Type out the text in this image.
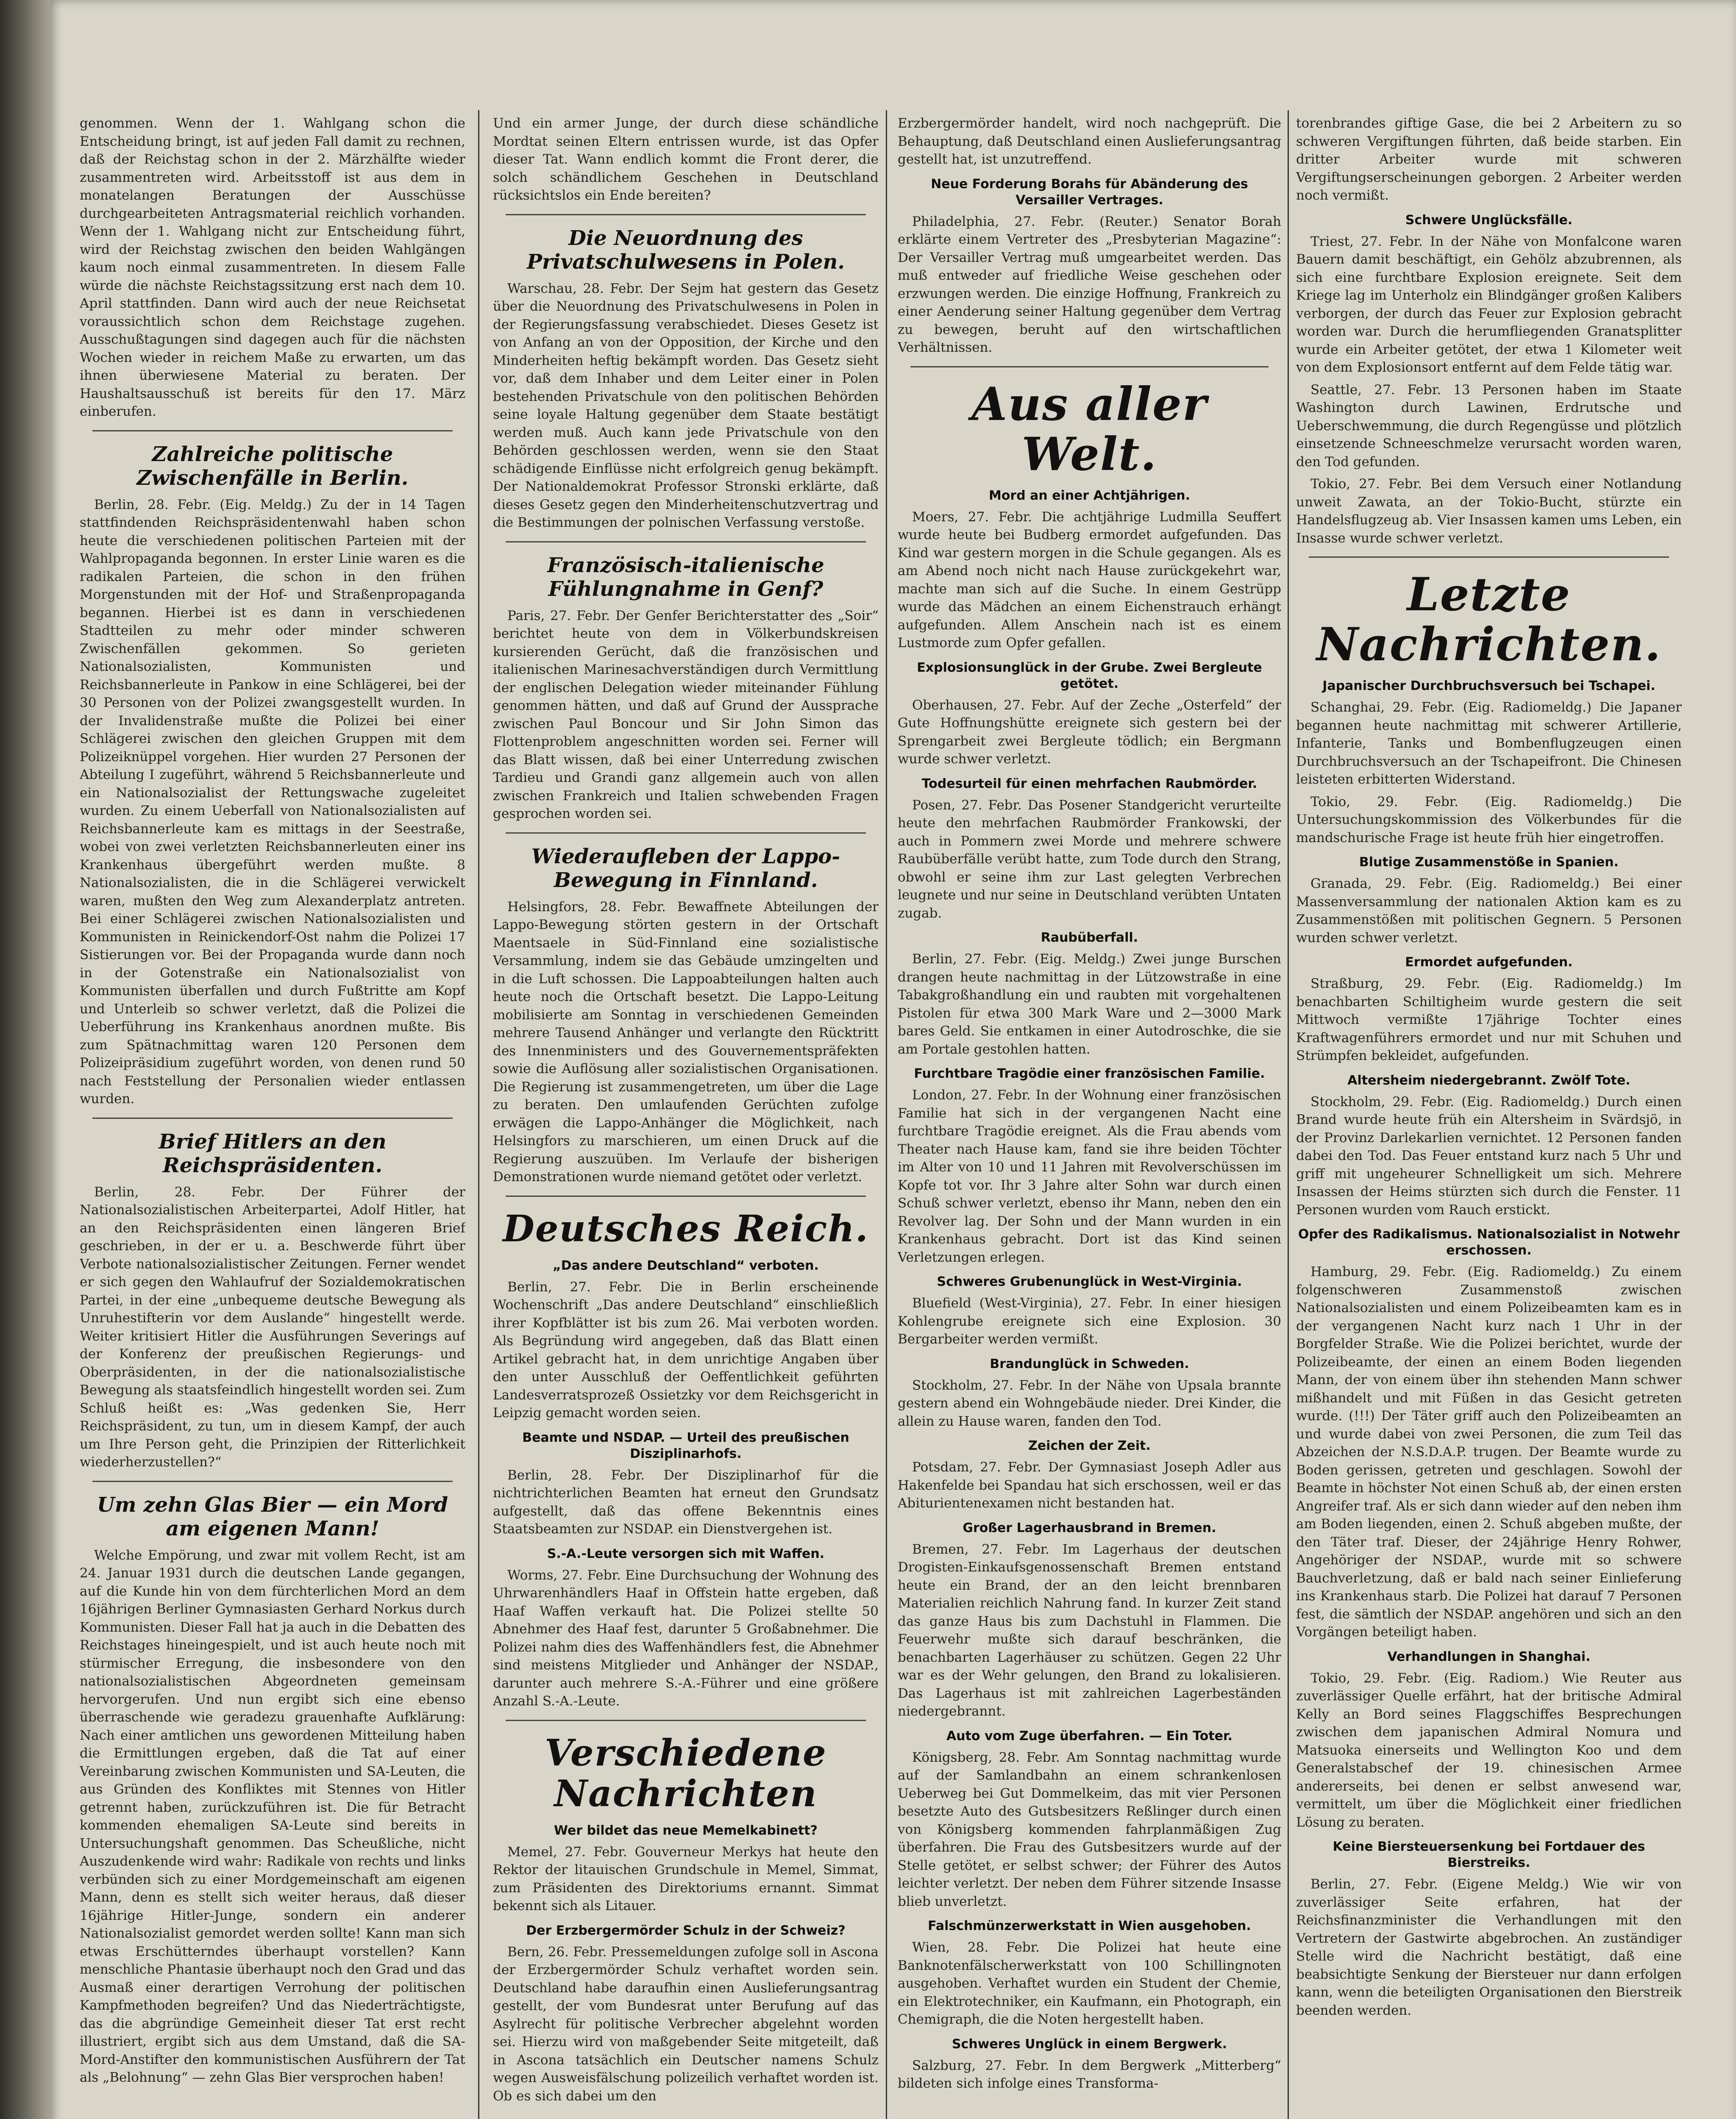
genommen. Wenn der 1. Wahlgang schon die Entscheidung bringt, ist auf jeden Fall damit zu rechnen, daß der Reichstag schon in der 2. Märzhälfte wieder zusammentreten wird. Arbeitsstoff ist aus dem in monatelangen Beratungen der Ausschüsse durchgearbeiteten Antragsmaterial reichlich vorhanden. Wenn der 1. Wahlgang nicht zur Entscheidung führt, wird der Reichstag zwischen den beiden Wahlgängen kaum noch einmal zusammentreten. In diesem Falle würde die nächste Reichstagssitzung erst nach dem 10. April stattfinden. Dann wird auch der neue Reichsetat voraussichtlich schon dem Reichstage zugehen. Ausschußtagungen sind dagegen auch für die nächsten Wochen wieder in reichem Maße zu erwarten, um das ihnen überwiesene Material zu beraten. Der Haushaltsausschuß ist bereits für den 17. März einberufen.

Zahlreiche politische Zwischenfälle in Berlin.

Berlin, 28. Febr. (Eig. Meldg.) Zu der in 14 Tagen stattfindenden Reichspräsidentenwahl haben schon heute die verschiedenen politischen Parteien mit der Wahlpropaganda begonnen. In erster Linie waren es die radikalen Parteien, die schon in den frühen Morgenstunden mit der Hof- und Straßenpropaganda begannen. Hierbei ist es dann in verschiedenen Stadtteilen zu mehr oder minder schweren Zwischenfällen gekommen. So gerieten Nationalsozialisten, Kommunisten und Reichsbannerleute in Pankow in eine Schlägerei, bei der 30 Personen von der Polizei zwangsgestellt wurden. In der Invalidenstraße mußte die Polizei bei einer Schlägerei zwischen den gleichen Gruppen mit dem Polizeiknüppel vorgehen. Hier wurden 27 Personen der Abteilung I zugeführt, während 5 Reichsbannerleute und ein Nationalsozialist der Rettungswache zugeleitet wurden. Zu einem Ueberfall von Nationalsozialisten auf Reichsbannerleute kam es mittags in der Seestraße, wobei von zwei verletzten Reichsbannerleuten einer ins Krankenhaus übergeführt werden mußte. 8 Nationalsozialisten, die in die Schlägerei verwickelt waren, mußten den Weg zum Alexanderplatz antreten. Bei einer Schlägerei zwischen Nationalsozialisten und Kommunisten in Reinickendorf-Ost nahm die Polizei 17 Sistierungen vor. Bei der Propaganda wurde dann noch in der Gotenstraße ein Nationalsozialist von Kommunisten überfallen und durch Fußtritte am Kopf und Unterleib so schwer verletzt, daß die Polizei die Ueberführung ins Krankenhaus anordnen mußte. Bis zum Spätnachmittag waren 120 Personen dem Polizeipräsidium zugeführt worden, von denen rund 50 nach Feststellung der Personalien wieder entlassen wurden.

Brief Hitlers an den Reichspräsidenten.

Berlin, 28. Febr. Der Führer der Nationalsozialistischen Arbeiterpartei, Adolf Hitler, hat an den Reichspräsidenten einen längeren Brief geschrieben, in der er u. a. Beschwerde führt über Verbote nationalsozialistischer Zeitungen. Ferner wendet er sich gegen den Wahlaufruf der Sozialdemokratischen Partei, in der eine „unbequeme deutsche Bewegung als Unruhestifterin vor dem Auslande“ hingestellt werde. Weiter kritisiert Hitler die Ausführungen Severings auf der Konferenz der preußischen Regierungs- und Oberpräsidenten, in der die nationalsozialistische Bewegung als staatsfeindlich hingestellt worden sei. Zum Schluß heißt es: „Was gedenken Sie, Herr Reichspräsident, zu tun, um in diesem Kampf, der auch um Ihre Person geht, die Prinzipien der Ritterlichkeit wiederherzustellen?“

Um zehn Glas Bier — ein Mord am eigenen Mann!

Welche Empörung, und zwar mit vollem Recht, ist am 24. Januar 1931 durch die deutschen Lande gegangen, auf die Kunde hin von dem fürchterlichen Mord an dem 16jährigen Berliner Gymnasiasten Gerhard Norkus durch Kommunisten. Dieser Fall hat ja auch in die Debatten des Reichstages hineingespielt, und ist auch heute noch mit stürmischer Erregung, die insbesondere von den nationalsozialistischen Abgeordneten gemeinsam hervorgerufen. Und nun ergibt sich eine ebenso überraschende wie geradezu grauenhafte Aufklärung: Nach einer amtlichen uns gewordenen Mitteilung haben die Ermittlungen ergeben, daß die Tat auf einer Vereinbarung zwischen Kommunisten und SA-Leuten, die aus Gründen des Konfliktes mit Stennes von Hitler getrennt haben, zurückzuführen ist. Die für Betracht kommenden ehemaligen SA-Leute sind bereits in Untersuchungshaft genommen. Das Scheußliche, nicht Auszudenkende wird wahr: Radikale von rechts und links verbünden sich zu einer Mordgemeinschaft am eigenen Mann, denn es stellt sich weiter heraus, daß dieser 16jährige Hitler-Junge, sondern ein anderer Nationalsozialist gemordet werden sollte! Kann man sich etwas Erschütterndes überhaupt vorstellen? Kann menschliche Phantasie überhaupt noch den Grad und das Ausmaß einer derartigen Verrohung der politischen Kampfmethoden begreifen? Und das Niederträchtigste, das die abgründige Gemeinheit dieser Tat erst recht illustriert, ergibt sich aus dem Umstand, daß die SA-Mord-Anstifter den kommunistischen Ausführern der Tat als „Belohnung“ — zehn Glas Bier versprochen haben!

Und ein armer Junge, der durch diese schändliche Mordtat seinen Eltern entrissen wurde, ist das Opfer dieser Tat. Wann endlich kommt die Front derer, die solch schändlichem Geschehen in Deutschland rücksichtslos ein Ende bereiten?

Die Neuordnung des Privatschulwesens in Polen.

Warschau, 28. Febr. Der Sejm hat gestern das Gesetz über die Neuordnung des Privatschulwesens in Polen in der Regierungsfassung verabschiedet. Dieses Gesetz ist von Anfang an von der Opposition, der Kirche und den Minderheiten heftig bekämpft worden. Das Gesetz sieht vor, daß dem Inhaber und dem Leiter einer in Polen bestehenden Privatschule von den politischen Behörden seine loyale Haltung gegenüber dem Staate bestätigt werden muß. Auch kann jede Privatschule von den Behörden geschlossen werden, wenn sie den Staat schädigende Einflüsse nicht erfolgreich genug bekämpft. Der Nationaldemokrat Professor Stronski erklärte, daß dieses Gesetz gegen den Minderheitenschutzvertrag und die Bestimmungen der polnischen Verfassung verstoße.

Französisch-italienische Fühlungnahme in Genf?

Paris, 27. Febr. Der Genfer Berichterstatter des „Soir“ berichtet heute von dem in Völkerbundskreisen kursierenden Gerücht, daß die französischen und italienischen Marinesachverständigen durch Vermittlung der englischen Delegation wieder miteinander Fühlung genommen hätten, und daß auf Grund der Aussprache zwischen Paul Boncour und Sir John Simon das Flottenproblem angeschnitten worden sei. Ferner will das Blatt wissen, daß bei einer Unterredung zwischen Tardieu und Grandi ganz allgemein auch von allen zwischen Frankreich und Italien schwebenden Fragen gesprochen worden sei.

Wiederaufleben der Lappo-Bewegung in Finnland.

Helsingfors, 28. Febr. Bewaffnete Abteilungen der Lappo-Bewegung störten gestern in der Ortschaft Maentsaele in Süd-Finnland eine sozialistische Versammlung, indem sie das Gebäude umzingelten und in die Luft schossen. Die Lappoabteilungen halten auch heute noch die Ortschaft besetzt. Die Lappo-Leitung mobilisierte am Sonntag in verschiedenen Gemeinden mehrere Tausend Anhänger und verlangte den Rücktritt des Innenministers und des Gouvernementspräfekten sowie die Auflösung aller sozialistischen Organisationen. Die Regierung ist zusammengetreten, um über die Lage zu beraten. Den umlaufenden Gerüchten zufolge erwägen die Lappo-Anhänger die Möglichkeit, nach Helsingfors zu marschieren, um einen Druck auf die Regierung auszuüben. Im Verlaufe der bisherigen Demonstrationen wurde niemand getötet oder verletzt.

Deutsches Reich.
„Das andere Deutschland“ verboten.

Berlin, 27. Febr. Die in Berlin erscheinende Wochenschrift „Das andere Deutschland“ einschließlich ihrer Kopfblätter ist bis zum 26. Mai verboten worden. Als Begründung wird angegeben, daß das Blatt einen Artikel gebracht hat, in dem unrichtige Angaben über den unter Ausschluß der Oeffentlichkeit geführten Landesverratsprozeß Ossietzky vor dem Reichsgericht in Leipzig gemacht worden seien.

Beamte und NSDAP. — Urteil des preußischen Disziplinarhofs.

Berlin, 28. Febr. Der Disziplinarhof für die nichtrichterlichen Beamten hat erneut den Grundsatz aufgestellt, daß das offene Bekenntnis eines Staatsbeamten zur NSDAP. ein Dienstvergehen ist.

S.-A.-Leute versorgen sich mit Waffen.

Worms, 27. Febr. Eine Durchsuchung der Wohnung des Uhrwarenhändlers Haaf in Offstein hatte ergeben, daß Haaf Waffen verkauft hat. Die Polizei stellte 50 Abnehmer des Haaf fest, darunter 5 Großabnehmer. Die Polizei nahm dies des Waffenhändlers fest, die Abnehmer sind meistens Mitglieder und Anhänger der NSDAP., darunter auch mehrere S.-A.-Führer und eine größere Anzahl S.-A.-Leute.

Verschiedene Nachrichten
Wer bildet das neue Memelkabinett?

Memel, 27. Febr. Gouverneur Merkys hat heute den Rektor der litauischen Grundschule in Memel, Simmat, zum Präsidenten des Direktoriums ernannt. Simmat bekennt sich als Litauer.

Der Erzbergermörder Schulz in der Schweiz?

Bern, 26. Febr. Pressemeldungen zufolge soll in Ascona der Erzbergermörder Schulz verhaftet worden sein. Deutschland habe daraufhin einen Auslieferungsantrag gestellt, der vom Bundesrat unter Berufung auf das Asylrecht für politische Verbrecher abgelehnt worden sei. Hierzu wird von maßgebender Seite mitgeteilt, daß in Ascona tatsächlich ein Deutscher namens Schulz wegen Ausweisfälschung polizeilich verhaftet worden ist. Ob es sich dabei um den

Erzbergermörder handelt, wird noch nachgeprüft. Die Behauptung, daß Deutschland einen Auslieferungsantrag gestellt hat, ist unzutreffend.

Neue Forderung Borahs für Abänderung des Versailler Vertrages.

Philadelphia, 27. Febr. (Reuter.) Senator Borah erklärte einem Vertreter des „Presbyterian Magazine“: Der Versailler Vertrag muß umgearbeitet werden. Das muß entweder auf friedliche Weise geschehen oder erzwungen werden. Die einzige Hoffnung, Frankreich zu einer Aenderung seiner Haltung gegenüber dem Vertrag zu bewegen, beruht auf den wirtschaftlichen Verhältnissen.

Aus aller Welt.
Mord an einer Achtjährigen.

Moers, 27. Febr. Die achtjährige Ludmilla Seuffert wurde heute bei Budberg ermordet aufgefunden. Das Kind war gestern morgen in die Schule gegangen. Als es am Abend noch nicht nach Hause zurückgekehrt war, machte man sich auf die Suche. In einem Gestrüpp wurde das Mädchen an einem Eichenstrauch erhängt aufgefunden. Allem Anschein nach ist es einem Lustmorde zum Opfer gefallen.

Explosionsunglück in der Grube. Zwei Bergleute getötet.

Oberhausen, 27. Febr. Auf der Zeche „Osterfeld“ der Gute Hoffnungshütte ereignete sich gestern bei der Sprengarbeit zwei Bergleute tödlich; ein Bergmann wurde schwer verletzt.

Todesurteil für einen mehrfachen Raubmörder.

Posen, 27. Febr. Das Posener Standgericht verurteilte heute den mehrfachen Raubmörder Frankowski, der auch in Pommern zwei Morde und mehrere schwere Raubüberfälle verübt hatte, zum Tode durch den Strang, obwohl er seine ihm zur Last gelegten Verbrechen leugnete und nur seine in Deutschland verübten Untaten zugab.

Raubüberfall.

Berlin, 27. Febr. (Eig. Meldg.) Zwei junge Burschen drangen heute nachmittag in der Lützowstraße in eine Tabakgroßhandlung ein und raubten mit vorgehaltenen Pistolen für etwa 300 Mark Ware und 2—3000 Mark bares Geld. Sie entkamen in einer Autodroschke, die sie am Portale gestohlen hatten.

Furchtbare Tragödie einer französischen Familie.

London, 27. Febr. In der Wohnung einer französischen Familie hat sich in der vergangenen Nacht eine furchtbare Tragödie ereignet. Als die Frau abends vom Theater nach Hause kam, fand sie ihre beiden Töchter im Alter von 10 und 11 Jahren mit Revolverschüssen im Kopfe tot vor. Ihr 3 Jahre alter Sohn war durch einen Schuß schwer verletzt, ebenso ihr Mann, neben den ein Revolver lag. Der Sohn und der Mann wurden in ein Krankenhaus gebracht. Dort ist das Kind seinen Verletzungen erlegen.

Schweres Grubenunglück in West-Virginia.

Bluefield (West-Virginia), 27. Febr. In einer hiesigen Kohlengrube ereignete sich eine Explosion. 30 Bergarbeiter werden vermißt.

Brandunglück in Schweden.

Stockholm, 27. Febr. In der Nähe von Upsala brannte gestern abend ein Wohngebäude nieder. Drei Kinder, die allein zu Hause waren, fanden den Tod.

Zeichen der Zeit.

Potsdam, 27. Febr. Der Gymnasiast Joseph Adler aus Hakenfelde bei Spandau hat sich erschossen, weil er das Abiturientenexamen nicht bestanden hat.

Großer Lagerhausbrand in Bremen.

Bremen, 27. Febr. Im Lagerhaus der deutschen Drogisten-Einkaufsgenossenschaft Bremen entstand heute ein Brand, der an den leicht brennbaren Materialien reichlich Nahrung fand. In kurzer Zeit stand das ganze Haus bis zum Dachstuhl in Flammen. Die Feuerwehr mußte sich darauf beschränken, die benachbarten Lagerhäuser zu schützen. Gegen 22 Uhr war es der Wehr gelungen, den Brand zu lokalisieren. Das Lagerhaus ist mit zahlreichen Lagerbeständen niedergebrannt.

Auto vom Zuge überfahren. — Ein Toter.

Königsberg, 28. Febr. Am Sonntag nachmittag wurde auf der Samlandbahn an einem schrankenlosen Ueberweg bei Gut Dommelkeim, das mit vier Personen besetzte Auto des Gutsbesitzers Reßlinger durch einen von Königsberg kommenden fahrplanmäßigen Zug überfahren. Die Frau des Gutsbesitzers wurde auf der Stelle getötet, er selbst schwer; der Führer des Autos leichter verletzt. Der neben dem Führer sitzende Insasse blieb unverletzt.

Falschmünzerwerkstatt in Wien ausgehoben.

Wien, 28. Febr. Die Polizei hat heute eine Banknotenfälscherwerkstatt von 100 Schillingnoten ausgehoben. Verhaftet wurden ein Student der Chemie, ein Elektrotechniker, ein Kaufmann, ein Photograph, ein Chemigraph, die die Noten hergestellt haben.

Schweres Unglück in einem Bergwerk.

Salzburg, 27. Febr. In dem Bergwerk „Mitterberg“ bildeten sich infolge eines Transforma-

torenbrandes giftige Gase, die bei 2 Arbeitern zu so schweren Vergiftungen führten, daß beide starben. Ein dritter Arbeiter wurde mit schweren Vergiftungserscheinungen geborgen. 2 Arbeiter werden noch vermißt.

Schwere Unglücksfälle.

Triest, 27. Febr. In der Nähe von Monfalcone waren Bauern damit beschäftigt, ein Gehölz abzubrennen, als sich eine furchtbare Explosion ereignete. Seit dem Kriege lag im Unterholz ein Blindgänger großen Kalibers verborgen, der durch das Feuer zur Explosion gebracht worden war. Durch die herumfliegenden Granatsplitter wurde ein Arbeiter getötet, der etwa 1 Kilometer weit von dem Explosionsort entfernt auf dem Felde tätig war.

Seattle, 27. Febr. 13 Personen haben im Staate Washington durch Lawinen, Erdrutsche und Ueberschwemmung, die durch Regengüsse und plötzlich einsetzende Schneeschmelze verursacht worden waren, den Tod gefunden.

Tokio, 27. Febr. Bei dem Versuch einer Notlandung unweit Zawata, an der Tokio-Bucht, stürzte ein Handelsflugzeug ab. Vier Insassen kamen ums Leben, ein Insasse wurde schwer verletzt.

Letzte Nachrichten.
Japanischer Durchbruchsversuch bei Tschapei.

Schanghai, 29. Febr. (Eig. Radiomeldg.) Die Japaner begannen heute nachmittag mit schwerer Artillerie, Infanterie, Tanks und Bombenflugzeugen einen Durchbruchsversuch an der Tschapeifront. Die Chinesen leisteten erbitterten Widerstand.

Tokio, 29. Febr. (Eig. Radiomeldg.) Die Untersuchungskommission des Völkerbundes für die mandschurische Frage ist heute früh hier eingetroffen.

Blutige Zusammenstöße in Spanien.

Granada, 29. Febr. (Eig. Radiomeldg.) Bei einer Massenversammlung der nationalen Aktion kam es zu Zusammenstößen mit politischen Gegnern. 5 Personen wurden schwer verletzt.

Ermordet aufgefunden.

Straßburg, 29. Febr. (Eig. Radiomeldg.) Im benachbarten Schiltigheim wurde gestern die seit Mittwoch vermißte 17jährige Tochter eines Kraftwagenführers ermordet und nur mit Schuhen und Strümpfen bekleidet, aufgefunden.

Altersheim niedergebrannt. Zwölf Tote.

Stockholm, 29. Febr. (Eig. Radiomeldg.) Durch einen Brand wurde heute früh ein Altersheim in Svärdsjö, in der Provinz Darlekarlien vernichtet. 12 Personen fanden dabei den Tod. Das Feuer entstand kurz nach 5 Uhr und griff mit ungeheurer Schnelligkeit um sich. Mehrere Insassen der Heims stürzten sich durch die Fenster. 11 Personen wurden vom Rauch erstickt.

Opfer des Radikalismus. Nationalsozialist in Notwehr erschossen.

Hamburg, 29. Febr. (Eig. Radiomeldg.) Zu einem folgenschweren Zusammenstoß zwischen Nationalsozialisten und einem Polizeibeamten kam es in der vergangenen Nacht kurz nach 1 Uhr in der Borgfelder Straße. Wie die Polizei berichtet, wurde der Polizeibeamte, der einen an einem Boden liegenden Mann, der von einem über ihn stehenden Mann schwer mißhandelt und mit Füßen in das Gesicht getreten wurde. (!!!) Der Täter griff auch den Polizeibeamten an und wurde dabei von zwei Personen, die zum Teil das Abzeichen der N.S.D.A.P. trugen. Der Beamte wurde zu Boden gerissen, getreten und geschlagen. Sowohl der Beamte in höchster Not einen Schuß ab, der einen ersten Angreifer traf. Als er sich dann wieder auf den neben ihm am Boden liegenden, einen 2. Schuß abgeben mußte, der den Täter traf. Dieser, der 24jährige Henry Rohwer, Angehöriger der NSDAP., wurde mit so schwere Bauchverletzung, daß er bald nach seiner Einlieferung ins Krankenhaus starb. Die Polizei hat darauf 7 Personen fest, die sämtlich der NSDAP. angehören und sich an den Vorgängen beteiligt haben.

Verhandlungen in Shanghai.

Tokio, 29. Febr. (Eig. Radiom.) Wie Reuter aus zuverlässiger Quelle erfährt, hat der britische Admiral Kelly an Bord seines Flaggschiffes Besprechungen zwischen dem japanischen Admiral Nomura und Matsuoka einerseits und Wellington Koo und dem Generalstabschef der 19. chinesischen Armee andererseits, bei denen er selbst anwesend war, vermittelt, um über die Möglichkeit einer friedlichen Lösung zu beraten.

Keine Biersteuersenkung bei Fortdauer des Bierstreiks.

Berlin, 27. Febr. (Eigene Meldg.) Wie wir von zuverlässiger Seite erfahren, hat der Reichsfinanzminister die Verhandlungen mit den Vertretern der Gastwirte abgebrochen. An zuständiger Stelle wird die Nachricht bestätigt, daß eine beabsichtigte Senkung der Biersteuer nur dann erfolgen kann, wenn die beteiligten Organisationen den Bierstreik beenden werden.
